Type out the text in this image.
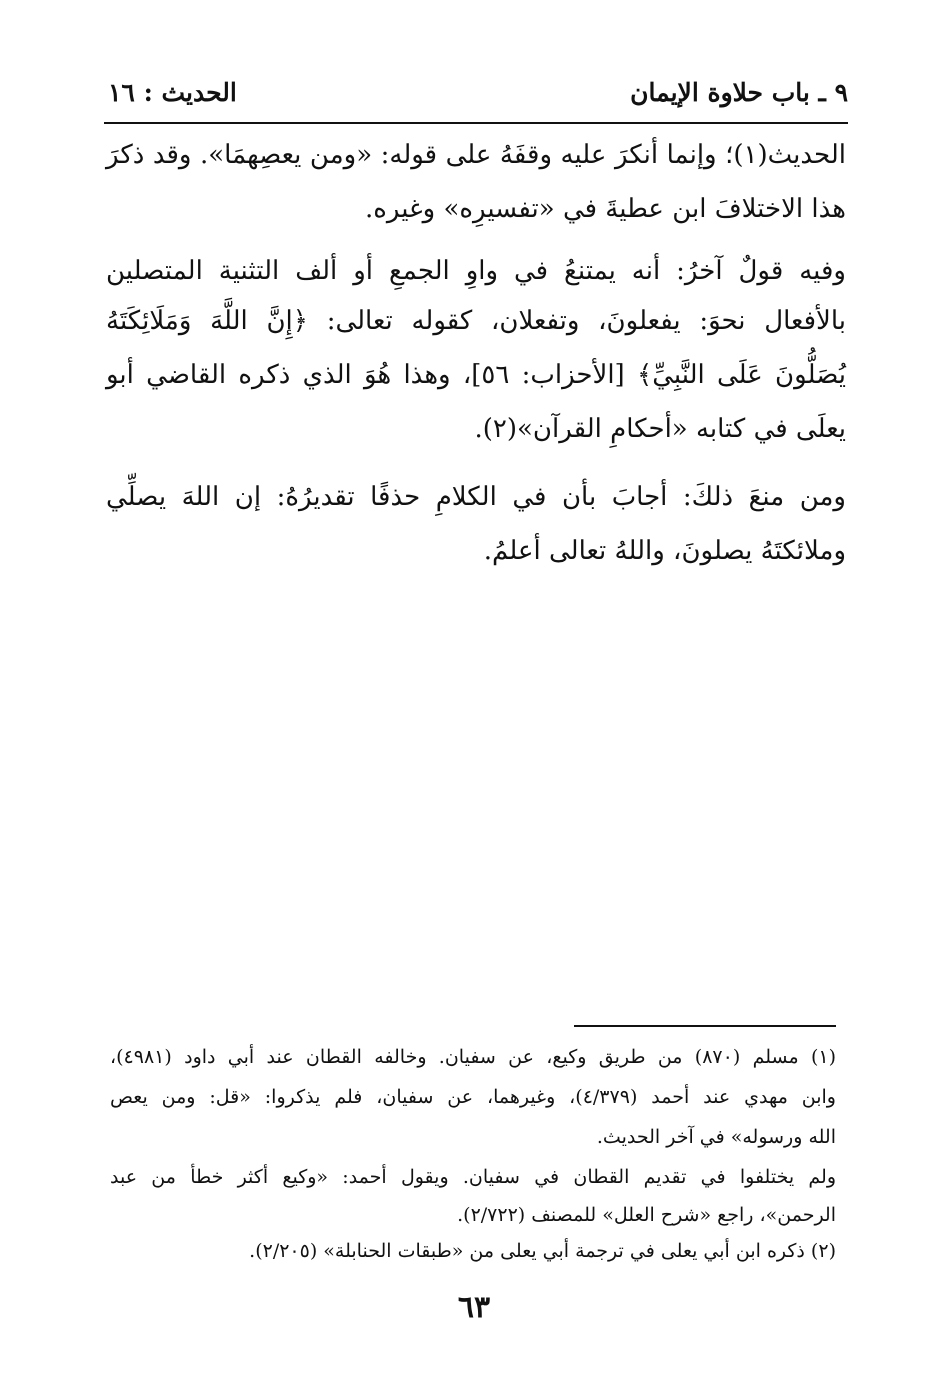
٩ ـ باب حلاوة الإيمان
الحديث : ١٦
الحديث(١)؛ وإنما أنكرَ عليه وقفَهُ على قوله: «ومن يعصِهمَا». وقد ذكرَ
هذا الاختلافَ ابن عطيةَ في «تفسيرِه» وغيره.
وفيه قولٌ آخرُ: أنه يمتنعُ في واوِ الجمعِ أو ألف التثنية المتصلين
بالأفعال نحوَ: يفعلونَ، وتفعلان، كقوله تعالى: ﴿إِنَّ اللَّهَ وَمَلَائِكَتَهُ
يُصَلُّونَ عَلَى النَّبِيِّ﴾ [الأحزاب: ٥٦]، وهذا هُوَ الذي ذكره القاضي أبو
يعلَى في كتابه «أحكامِ القرآن»(٢).
ومن منعَ ذلكَ: أجابَ بأن في الكلامِ حذفًا تقديرُهُ: إن اللهَ يصلِّي
وملائكتَهُ يصلونَ، واللهُ تعالى أعلمُ.
(١) مسلم (٨٧٠) من طريق وكيع، عن سفيان. وخالفه القطان عند أبي داود (٤٩٨١)،
وابن مهدي عند أحمد (٤/٣٧٩)، وغيرهما، عن سفيان، فلم يذكروا: «قل: ومن يعص
الله ورسوله» في آخر الحديث.
ولم يختلفوا في تقديم القطان في سفيان. ويقول أحمد: «وكيع أكثر خطأ من عبد
الرحمن»، راجع «شرح العلل» للمصنف (٢/٧٢٢).
(٢) ذكره ابن أبي يعلى في ترجمة أبي يعلى من «طبقات الحنابلة» (٢/٢٠٥).
٦٣
